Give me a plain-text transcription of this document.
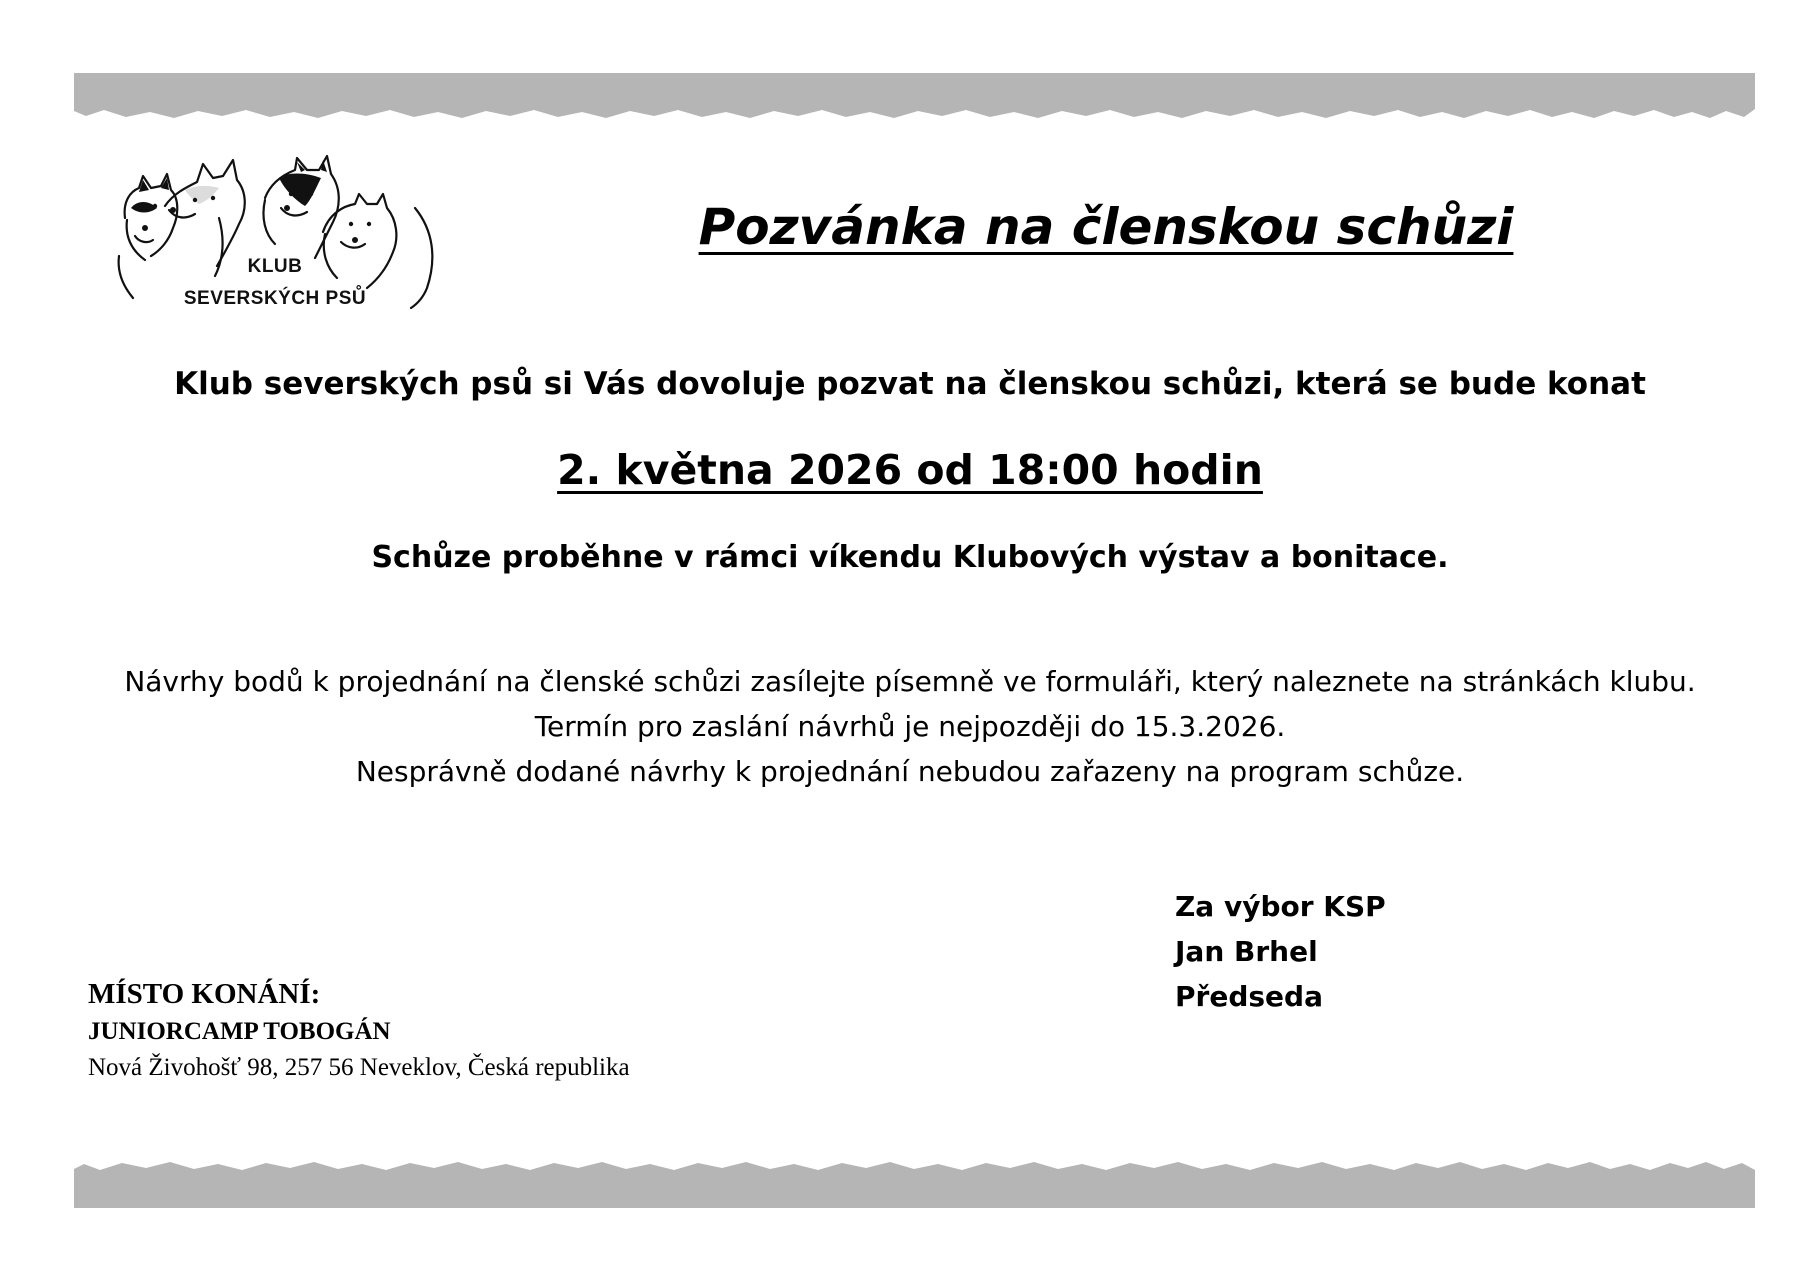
KLUB
SEVERSKÝCH PSŮ
Pozvánka na členskou schůzi
Klub severských psů si Vás dovoluje pozvat na členskou schůzi, která se bude konat
2. května 2026 od 18:00 hodin
Schůze proběhne v rámci víkendu Klubových výstav a bonitace.

Návrhy bodů k projednání na členské schůzi zasílejte písemně ve formuláři, který naleznete na stránkách klubu.

Termín pro zaslání návrhů je nejpozději do 15.3.2026.

Nesprávně dodané návrhy k projednání nebudou zařazeny na program schůze.

Za výbor KSP
Jan Brhel
Předseda
MÍSTO KONÁNÍ:
JUNIORCAMP TOBOGÁN
Nová Živohošť 98, 257 56 Neveklov, Česká republika
